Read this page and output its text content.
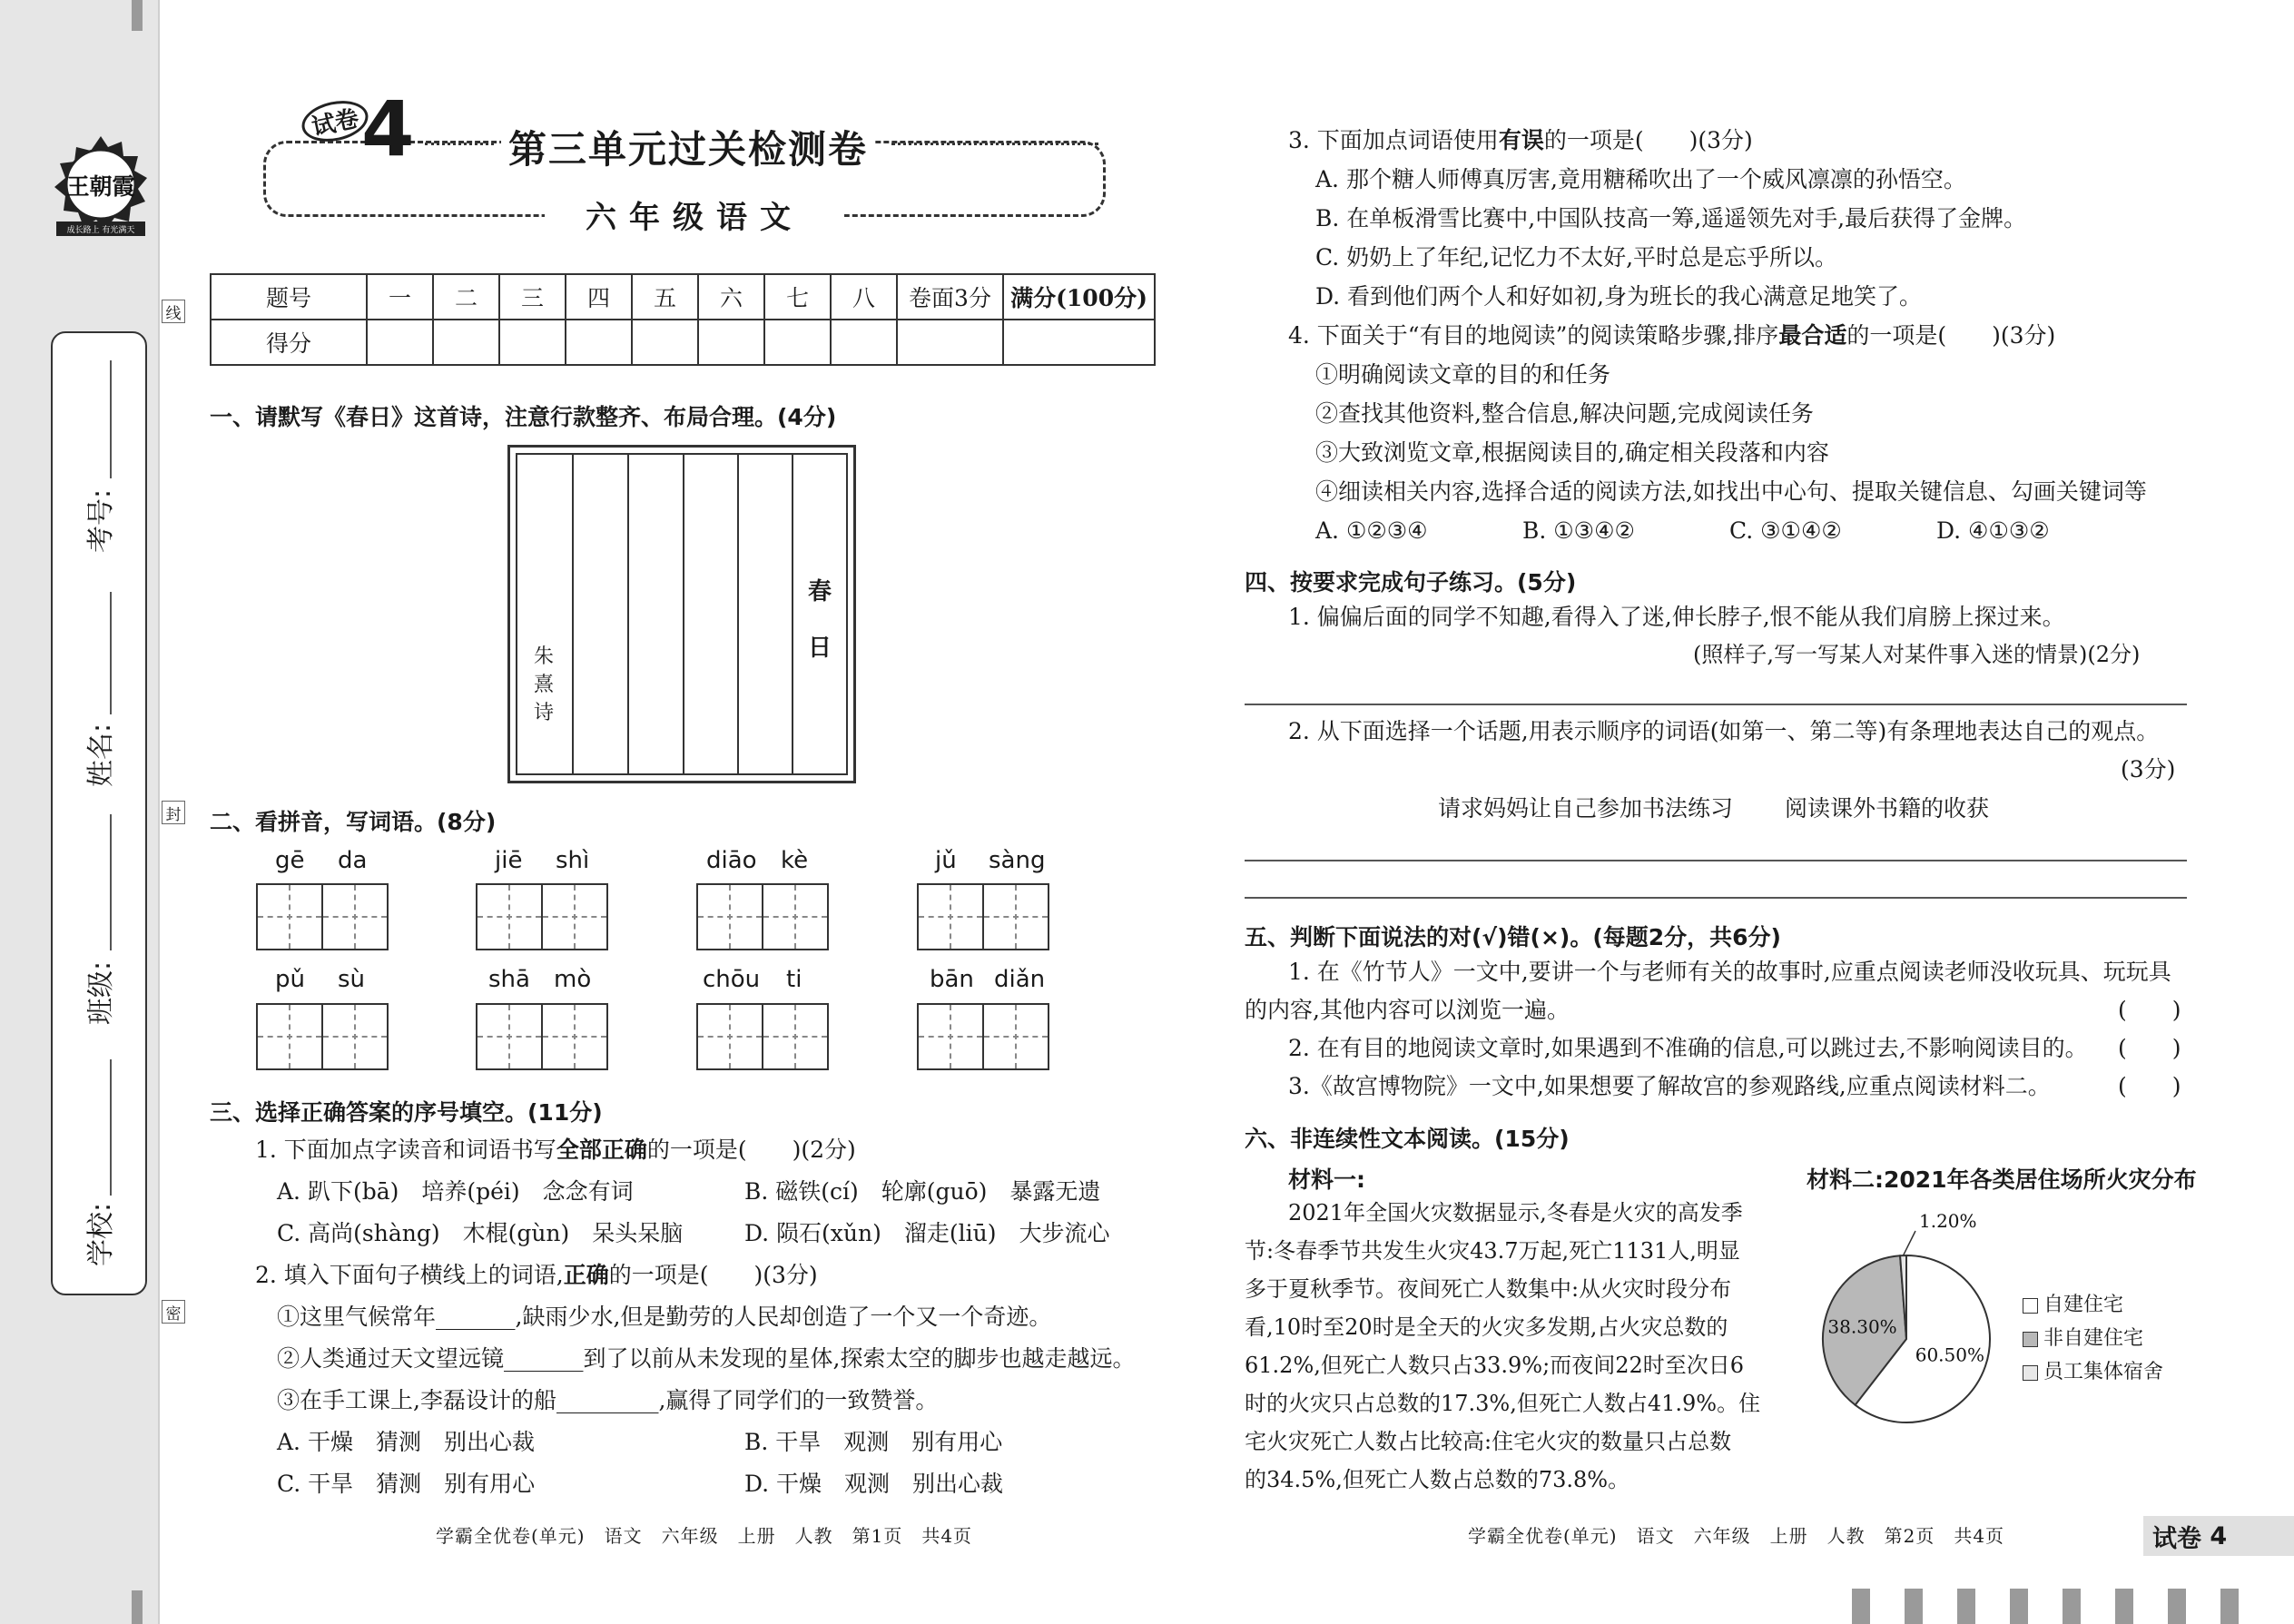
线
封
密
王朝霞
成长路上 有光满天
考号:
姓名:
班级:
学校:
试卷 4 第三单元过关检测卷
六年级语文
题号	一	二	三	四	五	六	七	八	卷面3分	满分(100分)
得分										
一、请默写《春日》这首诗，注意行款整齐、布局合理。(4分)
春
日
朱
熹
诗
二、看拼音，写词语。(8分)
gē da	jiē shì	diāo kè	jǔ sàng
pǔ sù	shā mò	chōu ti	bān diǎn
三、选择正确答案的序号填空。(11分)
1. 下面加点字读音和词语书写全部正确的一项是(　　)(2分)
A. 趴下(bā)　培养(péi)　念念有词	B. 磁铁(cí)　轮廓(guō)　暴露无遗
C. 高尚(shàng)　木棍(gùn)　呆头呆脑	D. 陨石(xǔn)　溜走(liū)　大步流心
2. 填入下面句子横线上的词语,正确的一项是(　　)(3分)
①这里气候常年_______,缺雨少水,但是勤劳的人民却创造了一个又一个奇迹。
②人类通过天文望远镜_______到了以前从未发现的星体,探索太空的脚步也越走越远。
③在手工课上,李磊设计的船_________,赢得了同学们的一致赞誉。
A. 干燥　猜测　别出心裁	B. 干旱　观测　别有用心
C. 干旱　猜测　别有用心	D. 干燥　观测　别出心裁
学霸全优卷(单元)　语文　六年级　上册　人教　第1页　共4页
3. 下面加点词语使用有误的一项是(　　)(3分)
A. 那个糖人师傅真厉害,竟用糖稀吹出了一个威风凛凛的孙悟空。
B. 在单板滑雪比赛中,中国队技高一筹,遥遥领先对手,最后获得了金牌。
C. 奶奶上了年纪,记忆力不太好,平时总是忘乎所以。
D. 看到他们两个人和好如初,身为班长的我心满意足地笑了。
4. 下面关于“有目的地阅读”的阅读策略步骤,排序最合适的一项是(　　)(3分)
①明确阅读文章的目的和任务
②查找其他资料,整合信息,解决问题,完成阅读任务
③大致浏览文章,根据阅读目的,确定相关段落和内容
④细读相关内容,选择合适的阅读方法,如找出中心句、提取关键信息、勾画关键词等
A. ①②③④	B. ①③④②	C. ③①④②	D. ④①③②
四、按要求完成句子练习。(5分)
1. 偏偏后面的同学不知趣,看得入了迷,伸长脖子,恨不能从我们肩膀上探过来。
(照样子,写一写某人对某件事入迷的情景)(2分)
2. 从下面选择一个话题,用表示顺序的词语(如第一、第二等)有条理地表达自己的观点。
(3分)
请求妈妈让自己参加书法练习 阅读课外书籍的收获
五、判断下面说法的对(√)错(×)。(每题2分，共6分)
1. 在《竹节人》一文中,要讲一个与老师有关的故事时,应重点阅读老师没收玩具、玩玩具
的内容,其他内容可以浏览一遍。	(　　)
2. 在有目的地阅读文章时,如果遇到不准确的信息,可以跳过去,不影响阅读目的。 (　　)
3.《故宫博物院》一文中,如果想要了解故宫的参观路线,应重点阅读材料二。	(　　)
六、非连续性文本阅读。(15分)
材料一:	材料二:2021年各类居住场所火灾分布
　　2021年全国火灾数据显示,冬春是火灾的高发季
节:冬春季节共发生火灾43.7万起,死亡1131人,明显
多于夏秋季节。夜间死亡人数集中:从火灾时段分布
看,10时至20时是全天的火灾多发期,占火灾总数的
61.2%,但死亡人数只占33.9%;而夜间22时至次日6
时的火灾只占总数的17.3%,但死亡人数占41.9%。住
宅火灾死亡人数占比较高:住宅火灾的数量只占总数
的34.5%,但死亡人数占总数的73.8%。
60.50%
38.30%
1.20%
自建住宅
非自建住宅
员工集体宿舍
学霸全优卷(单元)　语文　六年级　上册　人教　第2页　共4页	试卷
4
